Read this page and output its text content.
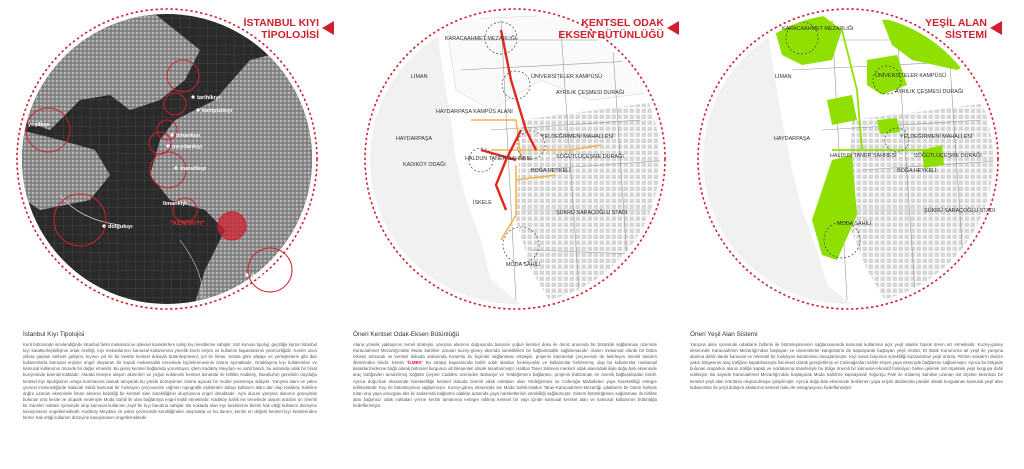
tarihikıyı
kampüskıyı
yeşilkıyı
limankıyı
meydankıyı
transitkıyı
limankıyı
"KENTKIYI"
dolgukıyı
marinakıyı
İSTANBUL KIYI
TİPOLOJİSİ
İstanbul Kıyı Tipolojisi
Kent bütününde incelendiğinde İstanbul farklı mekansal ve işlevsel karakterlere sahip kıyı kesitlerine sahiptir. Söz konusu tipoloji; geçitliğe karşın İstanbul kıyı karakterleştirilişinin ortak özelliği, kıyı mekanlarının kamusal kullanımına yönelik kısıtlı erişim ve kullanım kapasitesinin yetersizliğidir. Kentin uzun yıllara yayılan tarihsel gelişimi, kıyının yol ile bir kesitte kentsel dokuyla bütünleşmesini; yol ile liman, terasa göre altyapı ve yerleşkelerin gibi dan kullanımlarla kamusal erişime engel oluşturan bir kopuk mekansallık temelinde biçimlenmesinin önünü açmaktadır. Ortaklaşma kıyı kullanımları ve kamusal kullanımın önünde bir değer etmektir. Bu geniş kentsel bağlamda yorumlayıcı içlem Kadıköy Meydanı ve sahil bandı, bu anlamda odak bir fırsat bunyesinde barındırmaktadır. Alanda kesişen ulaşım aksenleri ve yoğun kullanımlı kentsel donatılar ile birlikte Kadıköy, İstanbul'un genelinin duyduğu kentsel kıyı tipolojisinin ortaya konmasına olanak tanıyarak bu yönde dönüşümün önünü açacak bir model yaratmaya adaydır. Yarışma alanı ve yakın çevresi incelendiğinde Salacak Sahili kamusal bir fonksiyon çerçevesine rağmen topografik eşiklerden dolayı kullanım alanı dar olup Kadıköy Sahiline doğru uzanan ekseninde liman alevinin belirdiği bir kentsel alan sürekliliğinin oluşmasına engel olmaktadır. Aynı durum yarışma alanının güneyinde bulunan orta kesite ve otopark nedeniyle Moda Sahili ile olan bağlantıya engel teşkil etmektedir. Kadıköy Sahili ise temelinde ulaşım aracları ün önemli bir transfer noktası içerisinde olup kamusal kullanımı zayıf bir kıyı bandına sahiptir. Bu noktada olan kıyı kesitlerinin birinin hak ettiği kullanım düzeyine kavuşmasını engellemektedir. Kadıköy Meydanı ve yakın çevresinde kendiliğinden oluşmakta ve bu durum, kentin en değerli kentsel kıyı kesitlerinden birinin hak ettiği kullanım düzeyine kavuşmasını engellemektedir.
KARACAAHMET MEZARLIĞI
LİMAN	ÜNİVERSİTELER KAMPÜSÜ
AYRILIK ÇEŞMESİ DURAĞI
HAYDARPAŞA KAMPÜS ALANI
HAYDARPAŞA	YELDEĞİRMENİ MAHALLESİ
HALDUN TANER SAHNESİ	SÖĞÜTLÜÇEŞME DURAĞI
KADIKÖY ODAĞI
BOĞA HEYKELİ
İSKELE
ŞÜKRÜ SARAÇOĞLU STADI
MODA SAHİLİ
KENTSEL ODAK
EKSEN BÜTÜNLÜĞÜ
Öneri Kentsel Odak-Eksen Bütünlüğü
Alana yönelik yaklaşımın temel stratejisi, yarışma alanının doğusunda bulunan yoğun kentsel doku ile deniz arasında bir bütünlük sağlanması üzerinde Karacaahmet Mezarlığı'ndan Moda Sahiline uzanan kuzey-güney aksında süreklilikleri bir bağlantısallık sağlanmasıdır. Alanın mekansal olarak bir bütün etkisini artıracak ve kentsel dokuda aralarında konumlu bu biçimde sağlanması stratejisi, projenin kavramsal çerçevesini de belirleyen önemli tasarım ilkelerinden biridir. Kentin "İLMEK" Bu strateji kapsamında belirli odak alanları fonksiyonlar ve kullanımlar belirlenmiş olup bu kullanımlar mekansal karakterizedenne bağlı olarak bütünsel kurgunun alt bileşenleri olarak tasarlanmıştır. Haldun Taner Sahnesi merkezi odak alanındaki ilişki doğu-batı ekseninde araç trafiğinden arındırılmış Söğütlü Çeşme Caddesi üzerinden Bahariye ve Yeldeğirmeni bağlantısı, projenin bütününde en önemli bağlantılardan biridir. Ayrıca doğu-batı ekseninde hareketliliğe kentsel dokuda önemli odak noktaları olan Yeldeğirmeni ve Caferağa Mahalleleri yaya hareketliliği entegre edilmektedir. Kıyı ile bütünleşmesi sağlanmıştır. Kuzey-güney ekseninde ise Moda Sahili-Haldun Taner-Karacaahmet Mezarlığı odaklarını bir bütün halinde tutan ana yaya omurgası aks ile aralarında bağlantılı odaklar arasında yaya hareketlerinin sürekliliği sağlanmıştır. Sistem bütünlüğünün sağlanması ile birlikte alan bağımsız odak noktaları yerine kentin tamamına entegre edilmiş kentsel bir yapı içinde kamusal kentsel alan ve kamusal kullanımın bütünlüğü hedeflenmiştir.
KARACAAHMET MEZARLIĞI
LİMAN	ÜNİVERSİTELER KAMPÜSÜ
AYRILIK ÇEŞMESİ DURAĞI
HAYDARPAŞA	YELDEĞİRMENİ MAHALLESİ
HALDUN TANER SAHNESİ	SÖĞÜTLÜÇEŞME DURAĞI
BOĞA HEYKELİ
ŞÜKRÜ SARAÇOĞLU STADI
MODA SAHİLİ
YEŞİL ALAN
SİSTEMİ
Öneri Yeşil Alan Sistemi
Yarışma alanı içerisinde odakların birbirini ile bütünleşmesinin sağlanmasında kamusal kullanıma açık yeşil alanlar büyük önem arz etmektedir. Kuzey-güney ekseninde Karacaahmet Mezarlığı'ndan başlayan ve üniversiteler kampüsünü de kapsayarak başlayan yeşil örüntü, Et Balık Kurumu'na ait yeşil ile yarışma alanına dahil olarak kamusal ve rekreatif bir fonksiyon kazanması amaçlanmıştır. Kıyı sandı boyunca sürekliliği kazandırılan yeşil örüntü, Rıhtım Sokak'ın denize yakın bölgesinin araç trafiğine kapatılmasıyla hacimsel olarak genişletilmiş ve Caferağa'dan sahile erişen yaya ekseniyle bağlantısı sağlanmıştır. Ayrıca bu bölgede bulunan otoparkın alanın trafiğe kapalı ve noktalarına transferiyle bu bölge önemli bir kamusal-rekreatif fonksiyon haline gelerek üst ölçekteki yeşil kurguya dahil edilmiştir. Bu sayede Karacaahmet Mezarlığı'ndan başlayarak Moda Sahili'ne kapsayarak Yoğurtçu Park ile Kalamış Sahiline uzanan üst ölçekte kesintisiz bir kentsel yeşil alan örüntüsü oluşturulmaya çalışılmıştır. Ayrıca doğu-batı ekseninde belirlenen yaya erişim akslarında paralel olarak kurgulanan kamusal yeşil alan kullanımları ile yeşil dolaşım akslarının kentsel doku ile entegrasyonu hedeflenmiştir.
